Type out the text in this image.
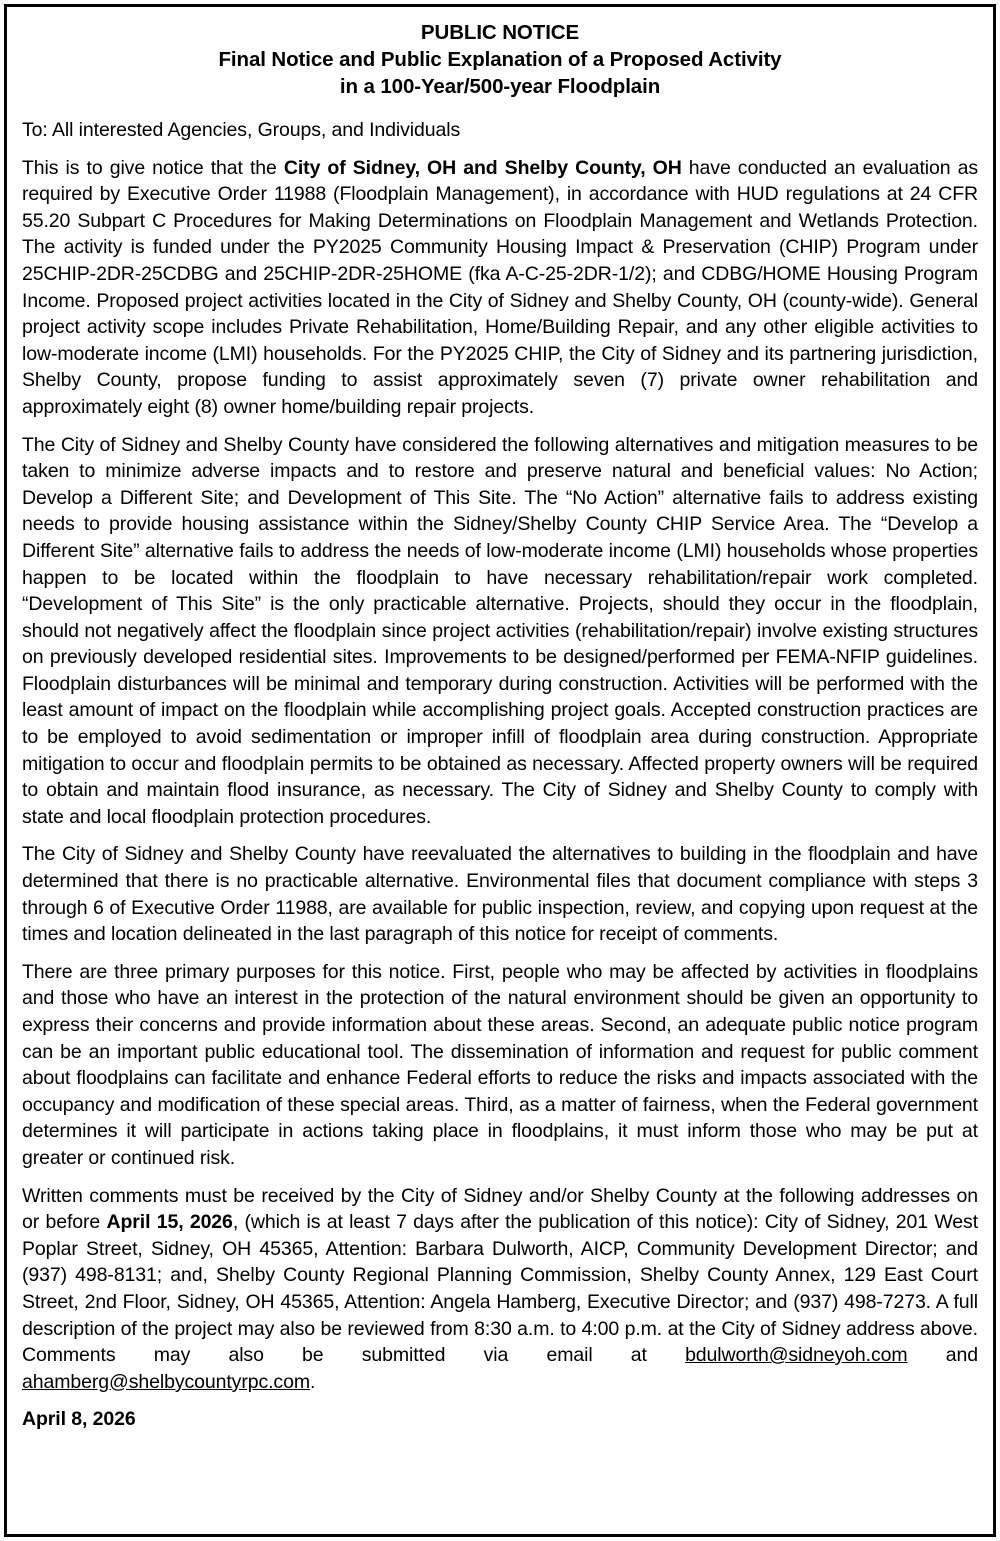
PUBLIC NOTICE
Final Notice and Public Explanation of a Proposed Activity
in a 100-Year/500-year Floodplain

To: All interested Agencies, Groups, and Individuals

This is to give notice that the City of Sidney, OH and Shelby County, OH have conducted an evaluation as required by Executive Order 11988 (Floodplain Management), in accordance with HUD regulations at 24 CFR 55.20 Subpart C Procedures for Making Determinations on Floodplain Management and Wetlands Protection. The activity is funded under the PY2025 Community Housing Impact & Preservation (CHIP) Program under 25CHIP-2DR-25CDBG and 25CHIP-2DR-25HOME (fka A-C-25-2DR-1/2); and CDBG/HOME Housing Program Income. Proposed project activities located in the City of Sidney and Shelby County, OH (county-wide). General project activity scope includes Private Rehabilitation, Home/Building Repair, and any other eligible activities to low-moderate income (LMI) households. For the PY2025 CHIP, the City of Sidney and its partnering jurisdiction, Shelby County, propose funding to assist approximately seven (7) private owner rehabilitation and approximately eight (8) owner home/building repair projects.

The City of Sidney and Shelby County have considered the following alternatives and mitigation measures to be taken to minimize adverse impacts and to restore and preserve natural and beneficial values: No Action; Develop a Different Site; and Development of This Site. The “No Action” alternative fails to address existing needs to provide housing assistance within the Sidney/Shelby County CHIP Service Area. The “Develop a Different Site” alternative fails to address the needs of low-moderate income (LMI) households whose properties happen to be located within the floodplain to have necessary rehabilitation/repair work completed. “Development of This Site” is the only practicable alternative. Projects, should they occur in the floodplain, should not negatively affect the floodplain since project activities (rehabilitation/repair) involve existing structures on previously developed residential sites. Improvements to be designed/performed per FEMA-NFIP guidelines. Floodplain disturbances will be minimal and temporary during construction. Activities will be performed with the least amount of impact on the floodplain while accomplishing project goals. Accepted construction practices are to be employed to avoid sedimentation or improper infill of floodplain area during construction. Appropriate mitigation to occur and floodplain permits to be obtained as necessary. Affected property owners will be required to obtain and maintain flood insurance, as necessary. The City of Sidney and Shelby County to comply with state and local floodplain protection procedures.

The City of Sidney and Shelby County have reevaluated the alternatives to building in the floodplain and have determined that there is no practicable alternative. Environmental files that document compliance with steps 3 through 6 of Executive Order 11988, are available for public inspection, review, and copying upon request at the times and location delineated in the last paragraph of this notice for receipt of comments.

There are three primary purposes for this notice. First, people who may be affected by activities in floodplains and those who have an interest in the protection of the natural environment should be given an opportunity to express their concerns and provide information about these areas. Second, an adequate public notice program can be an important public educational tool. The dissemination of information and request for public comment about floodplains can facilitate and enhance Federal efforts to reduce the risks and impacts associated with the occupancy and modification of these special areas. Third, as a matter of fairness, when the Federal government determines it will participate in actions taking place in floodplains, it must inform those who may be put at greater or continued risk.

Written comments must be received by the City of Sidney and/or Shelby County at the following addresses on or before April 15, 2026, (which is at least 7 days after the publication of this notice): City of Sidney, 201 West Poplar Street, Sidney, OH 45365, Attention: Barbara Dulworth, AICP, Community Development Director; and (937) 498-8131; and, Shelby County Regional Planning Commission, Shelby County Annex, 129 East Court Street, 2nd Floor, Sidney, OH 45365, Attention: Angela Hamberg, Executive Director; and (937) 498-7273. A full description of the project may also be reviewed from 8:30 a.m. to 4:00 p.m. at the City of Sidney address above. Comments may also be submitted via email at bdulworth@sidneyoh.com and ahamberg@shelbycountyrpc.com.

April 8, 2026
